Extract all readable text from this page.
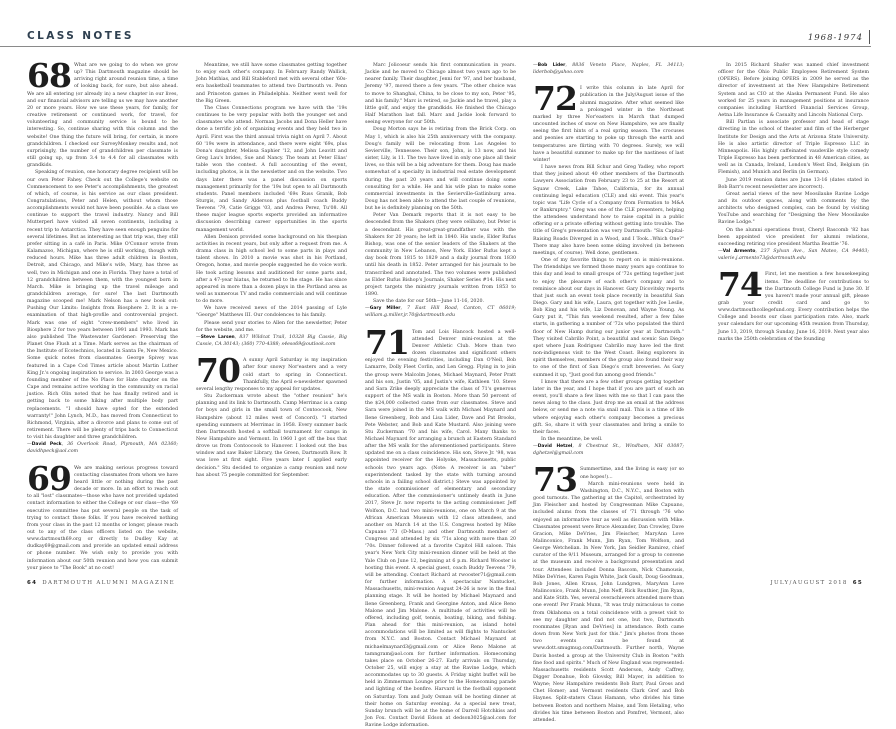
CLASS NOTES	1968-1974
68 What are we going to do when we grow up? This Dartmouth magazine should be arriving right around reunion time, a time of looking back, for sure, but also ahead. We are all entering (or already in) a new chapter in our lives, and our financial advisors are telling us we may have another 20 or more years. How we use these years, for family, for creative retirement or continued work, for travel, for volunteering and community service is bound to be interesting. So, continue sharing with this column and the website! One thing the future will bring, for certain, is more grandchildren. I checked our SurveyMonkey results and, not surprisingly, the number of grandchildren per classmate is still going up, up from 3.4 to 4.4 for all classmates with grandkids.

Speaking of reunion, one honorary degree recipient will be our own Peter Fahey. Check out the College's website on Commencement to see Peter's accomplishments, the greatest of which, of course, is his service as our class president. Congratulations, Peter and Helen, without whom those accomplishments would not have been possible. As a class we continue to support the travel industry. Nancy and Bill Mutterperl have visited all seven continents, including a recent trip to Antarctica. They have seen enough penguins for several lifetimes. But as interesting as that trip was, they still prefer sitting in a café in Paris. Mike O'Connor wrote from Kalamazoo, Michigan, where he is still working, though with reduced hours. Mike has three adult children in Boston, Detroit, and Chicago, and Mike's wife, Mary, has three as well, two in Michigan and one in Florida. They have a total of 12 grandchildren between them, with the youngest born in March. Mike is bringing up the travel mileage and grandchildren average, for sure! The last Dartmouth magazine scooped me! Mark Nelson has a new book out: Pushing Our Limits: Insights from Biosphere 2. It is a re-examination of that high-profile and controversial project. Mark was one of eight "crew-members" who lived in Biosphere 2 for two years between 1991 and 1993. Mark has also published The Wastewater Gardener: Preserving the Planet One Flush at a Time. Mark serves as the chairman of the Institute of Ecotechnics, located in Santa Fe, New Mexico. Some quick notes from classmates: George Spivey was featured in a Cape Cod Times article about Martin Luther King Jr.'s ongoing inspiration to service. In 2003 George was a founding member of the No Place for Hate chapter on the Cape and remains active working in the community on racial justice. Rich Olin noted that he has finally retired and is getting back to some hiking after multiple body part replacements. "I should have opted for the extended warranty!" John Lynch, M.D., has moved from Connecticut to Richmond, Virginia, after a divorce and plans to come out of retirement. There will be plenty of trips back to Connecticut to visit his daughter and three grandchildren.

—David Peck, 36 Overlook Road, Plymouth, MA 02360; davidhpeck@aol.com

69 We are making serious progress toward contacting classmates from whom we have heard little or nothing during the past decade or more. In an effort to reach out to all "lost" classmates—those who have not provided updated contact information to either the College or our class—the '69 executive committee has put several people on the task of trying to contact those folks. If you have received nothing from your class in the past 12 months or longer, please reach out to any of the class officers listed on the website, www.dartmouth69.org or directly to Dudley Kay at dudkay69@gmail.com and provide an updated email address or phone number. We wish only to provide you with information about our 50th reunion and how you can submit your piece to "The Book" at no cost!

Meantime, we still have some classmates getting together to enjoy each other's company. In February Randy Wallick, John Mathias, and Bill Stableford met with several other '60s-era basketball teammates to attend two Dartmouth vs. Penn and Princeton games in Philadelphia. Neither went well for the Big Green.

The Class Connections program we have with the '19s continues to be very popular with both the younger set and classmates who attend. Norman Jacobs and Dona Heller have done a terrific job of organizing events and they held two in April. First was the third annual trivia night on April 7. About 60 '19s were in attendance, and there were eight '69s, plus Dona's daughter, Melissa Saphier '12, and John Leavitt and Greg Lau's brides, Sue and Nancy. The team at Peter Elias' table won the contest. A full accounting of the event, including photos, is in the newsletter and on the website. Two days later there was a panel discussion on sports management primarily for the '19s but open to all Dartmouth students. Panel members included '69s Russ Granik, Bob Sturgis, and Sandy Alderson plus football coach Buddy Teevens '79, Catie Griggs '03, and Andrea Perez, Tu'08. All these major league sports experts provided an informative discussion describing career opportunities in the sports management world.

Allen Denison provided some background on his thespian activities in recent years, but only after a request from me. A drama class in high school led to some parts in plays and talent shows. In 2010 a movie was shot in his Portland, Oregon, home, and movie people suggested he do voice work. He took acting lessons and auditioned for some parts and, after a 47-year hiatus, he returned to the stage. He has since appeared in more than a dozen plays in the Portland area as well as numerous TV and radio commercials and will continue to do more.

We have received news of the 2014 passing of Lyle "George" Matthews III. Our condolences to his family.

Please send your stories to Allen for the newsletter, Peter for the website, and me.

—Steve Larsen, 837 Wildcat Trail, 10328 Big Cassie, Big Cassie, CA 30143; (360) 770-4388; s4eso69@outlook.com

70 A sunny April Saturday is my inspiration after four snowy Nor'easters and a very cold start to spring in Connecticut. Thankfully, the April e-newsletter spawned several lengthy responses to my appeal for updates.

Stu Zuckerman wrote about the "other reunion" he's planning and its link to Dartmouth. Camp Merrimac is a camp for boys and girls in the small town of Contoocook, New Hampshire (about 12 miles west of Concord). "I started spending summers at Merrimac in 1958. Every summer back then Dartmouth hosted a softball tournament for camps in New Hampshire and Vermont. In 1960 I got off the bus that drove us from Contoocook to Hanover. I looked out the bus window and saw Baker Library, the Green, Dartmouth Row. It was love at first sight. Five years later I applied early decision." Stu decided to organize a camp reunion and now has about 75 people committed for September.

Marc Jolicoeur sends his first communication in years. Jackie and he moved to Chicago almost two years ago to be nearer family. Their daughter, Jenni for '97, and her husband, Jeremy '97, moved there a few years. "The other choice was to move to Shanghai, China, to be close to my son, Peter '95, and his family." Marc is retired, so Jackie and he travel, play a little golf, and enjoy the grandkids. He finished the Chicago Half Marathon last fall. Marc and Jackie look forward to seeing everyone for our 50th.

Doug Morton says he is retiring from the Brick Corp. on May 1, which is also his 25th anniversary with the company. Doug's family will be relocating from Los Angeles to Sevierville, Tennessee. Their son, John, is 13 now, and his sister, Lily, is 11. The two have lived in only one place all their lives, so this will be a big adventure for them. Doug has made somewhat of a specialty in industrial real estate development during the past 20 years and will continue doing some consulting for a while. He and his wife plan to make some commercial investments in the Sevierville-Gatlinburg area. Doug has not been able to attend the last couple of reunions, but he is definitely planning on the 50th.

Peter Van Demark reports that it is not easy to be descended from the Shakers (they were celibate), but Peter is a descendant. His great-great-grandfather was with the Shakers for 20 years; he left in 1840. His uncle, Elder Rufus Bishop, was one of the senior leaders of the Shakers at the community in New Lebanon, New York. Elder Rufus kept a day book from 1815 to 1829 and a daily journal from 1830 until his death in 1852. Peter arranged for his journals to be transcribed and annotated. The two volumes were published as Elder Rufus Bishop's Journals, Shaker Series #14. His next project targets the ministry journals written from 1853 to 1890.

Save the date for our 50th—June 11-16, 2020.

—Gary Miller, 7 East Hill Road, Canton, CT 06019; william.g.miller.jr.70@dartmouth.edu

71 Tom and Lois Hancock hosted a well-attended Denver mini-reunion at the Denver Athletic Club. More than two dozen classmates and significant others enjoyed the evening festivities, including Dan O'Neil, Bob Lamarre, Dolly Fleet Corlin, and Len Gregg. Flying in to join the group were Malcolm Jones, Michael Maynard, Peter Pratt and his son, Justin '05, and Justin's wife, Kathleen '10. Steve and Sara Zrike deeply appreciate the class of 71's generous support of the MS walk in Boston. More than 50 percent of the $24,000 collected came from our classmates. Steve and Sara were joined in the MS walk with Michael Maynard and Ilene Greenberg, Bob and Lisa Lider, Dave and Pat Brooks, Pete Webster, and Bob and Kate Mustard. Also joining were Stu Zuckerman '70 and his wife, Carol. Many thanks to Michael Maynard for arranging a brunch at Eastern Standard after the MS walk for the aforementioned participants. Steve updated me on a class coincidence. His son, Steve Jr. '98, was appointed receiver for the Holyoke, Massachusetts, public schools two years ago. (Note: A receiver is an "uber" superintendent tasked by the state with turning around schools in a failing school district.) Steve was appointed by the state commissioner of elementary and secondary education. After the commissioner's untimely death in June 2017, Steve Jr. now reports to the acting commissioner. Jeff Wolfson, D.C. had two mini-reunions, one on March 9 at the African American Museum with 12 class attendees, and another on March 14 at the U.S. Congress hosted by Mike Capuano '73 (D-Mass.) and other Dartmouth member of Congress and attended by six '71s along with more than 20 '70s. Dinner followed at a favorite Capitol Hill saloon. This year's New York City mini-reunion dinner will be held at the Yale Club on June 12, beginning at 6 p.m. Richard Wooster is hosting this event. A special guest, coach Buddy Teevens '79, will be attending. Contact Richard at rwooster71@gmail.com for further information. A spectacular Nantucket, Massachusetts, mini-reunion August 24-26 is now in the final planning stage. It will be hosted by Michael Maynard and Ilene Greenberg, Frank and Georgine Anton, and Alice Reno Malone and Jim Malone. A multitude of activities will be offered, including golf, tennis, boating, biking, and fishing. Plan ahead for this mini-reunion, as island hotel accommodations will be limited as will flights to Nantucket from N.Y.C. and Boston. Contact Michael Maynard at michaelmaynard3@gmail.com or Alice Reno Malone at tamngram@aol.com for further information. Homecoming takes place on October 26-27. Early arrivals on Thursday, October 25, will enjoy a stay at the Ravine Lodge, which accommodates up to 30 guests. A Friday night buffet will be held in Zimmerman Lounge prior to the Homecoming parade and lighting of the bonfire. Harvard is the football opponent on Saturday. Tom and Judy Osman will be hosting dinner at their home on Saturday evening. As a special new treat, Sunday brunch will be at the home of Darrell Hotchkiss and Jon Fox. Contact David Edson at dedson3025@aol.com for Ravine Lodge information.

—Bob Lider, 8836 Veneto Place, Naples, FL 34113; liderbob@yahoo.com

72 I write this column in late April for publication in the July/August issue of the alumni magazine. After what seemed like a prolonged winter in the Northeast marked by three Nor'easters in March that dumped uncounted inches of snow on New Hampshire, we are finally seeing the first hints of a real spring season. The crocuses and peonies are starting to poke up through the earth and temperatures are flirting with 70 degrees. Surely, we will have a beautiful summer to make up for the nastiness of last winter!

I have news from Bill Schur and Greg Yadley, who report that they joined about 40 other members of the Dartmouth Lawyers Association from February 23 to 25 at the Resort at Squaw Creek, Lake Tahoe, California, for its annual continuing legal education (CLE) and ski event. This year's topic was "Life Cycle of a Company from Formation to M&A or Bankruptcy." Greg was one of the CLE presenters, helping the attendees understand how to raise capital in a public offering or a private offering without getting into trouble. The title of Greg's presentation was very Dartmouth: "Six Capital-Raising Roads Diverged in a Wood, and I Took...Which One?" There may also have been some skiing involved (in between meetings, of course). Well done, gentlemen.

One of my favorite things to report on is mini-reunions. The friendships we formed those many years ago continue to this day and lead to small groups of '72s getting together just to enjoy the pleasure of each other's company and to reminisce about our days in Hanover. Gary Dicovitsky reports that just such an event took place recently in beautiful San Diego. Gary and his wife, Laura, got together with Joe Leslie, Bob King and his wife, Liz Donovan, and Wayne Young. As Gary put it, "This fun weekend resulted, after a few false starts, in gathering a number of '72s who populated the third floor of New Hamp during our junior year at Dartmouth." They visited Cabrillo Point, a beautiful and scenic San Diego spot where Juan Rodriguez Cabrillo may have led the first non-indigenous visit to the West Coast. Being explorers in spirit themselves, members of the group also found their way to one of the first of San Diego's craft breweries. As Gary summed it up, "Just good fun among good friends."

I know that there are a few other groups getting together later in the year, and I hope that if you are part of such an event, you'll share a few lines with me so that I can pass the news along to the class. Just drop me an email at the address below, or send me a note via snail mail. This is a time of life where enjoying each other's company becomes a precious gift. So, share it with your classmates and bring a smile to their faces.

In the meantime, be well.

—David Hetzel, 8 Chestnut St., Windham, NH 03087; dghetzel@gmail.com

73 Summertime, and the living is easy (or so one hopes!)...

March mini-reunions were held in Washington, D.C., N.Y.C., and Boston with good turnouts. The gathering at the Capitol, orchestrated by Jim Fleischer and hosted by Congressman Mike Capuano, included alums from the classes of '71 through '76 who enjoyed an informative tour as well as discussion with Mike. Classmates present were Bruce Alexander, Dan Crowley, Dave Gracion, Mike DeVries, Jim Fleischer, MaryAnn Love Malinconico, Frank Munn, Jim Ryan, Tom Wolfson, and George Wetchelian. In New York, Jan Seidler Ramirez, chief curator of the 9/11 Museum, arranged for a group to convene at the museum and receive a background presentation and tour. Attendees included Donna Bascom, Nick Chamousis, Mike DeVries, Karen Fagin White, Jack Gault, Doug Goodman, Bob Jones, Allen Kraus, John Lundgren, MaryAnn Love Malinconico, Frank Munn, John Neff, Rick Routhier, Jim Ryan, and Kate Stith. Yes, several overachievers attended more than one event! Per Frank Munn, "It was truly miraculous to come from Oklahoma on a total coincidence with a preset visit to see my daughter and find not one, but two, Dartmouth roommates [Ryan and DeVries] in attendance. Both came down from New York just for this." Jim's photos from those two events can be found at www.dott.smugmug.com/Dartmouth. Further north, Wayne Davis hosted a group at the University Club in Boston "with fine food and spirits." Much of New England was represented: Massachusetts residents Scott Anderson, Andy Caffrey, Digger Donahue, Bob Glovsky, Bill Mayer, in addition to Wayne; New Hampshire residents Bob Barr, Paul Gross and Chet Homer; and Vermont residents Clark Gref and Bob Haynes. Split-staters Claus Hamann, who divides his time between Boston and northern Maine, and Tom Hetaling, who divides his time between Boston and Pomfret, Vermont, also attended.

In 2015 Richard Shafer was named chief investment officer for the Ohio Public Employees Retirement System (OPERS). Before joining OPERS in 2009 he served as the director of investment at the New Hampshire Retirement System and as CIO at the Alaska Permanent Fund. He also worked for 25 years in management positions at insurance companies including Hartford Financial Services Group, Aetna Life Insurance & Casualty and Lincoln National Corp.

Bill Partlan is associate professor and head of stage directing in the school of theater and film of the Herberger Institute for Design and the Arts at Arizona State University. He is also artistic director of Triple Espresso LLC in Minneapolis. His highly caffeinated vaudeville style comedy Triple Espresso has been performed in 48 American cities, as well as in Canada, Ireland, London's West End, Belgium (in Flemish), and Munich and Berlin (in German).

June 2019 reunion dates are June 13-16 (dates stated in Bob Barr's recent newsletter are incorrect).

Great aerial views of the new Moosilauke Ravine Lodge and its outdoor spaces, along with comments by the architects who designed complex, can be found by visiting YouTube and searching for "Designing the New Moosilauke Ravine Lodge."

On the alumni operations front, Cheryl Bascomb '82 has been appointed vice president for alumni relations, succeeding retiring vice president Martha Beattie '76.

—Val Armento, 237 Sylvan Ave., San Mateo, CA 94403; valerie.j.armento73@dartmouth.edu

74 First, let me mention a few housekeeping items. The deadline for contributions to the Dartmouth College Fund is June 30. If you haven't made your annual gift, please grab your credit card and go to www.dartmouthcollegefund.org. Every contribution helps the College and boosts our class participation rate. Also, mark your calendars for our upcoming 45th reunion from Thursday, June 13, 2019, through Sunday, June 16, 2019. Next year also marks the 250th celebration of the founding

64 DARTMOUTH ALUMNI MAGAZINE	JULY/AUGUST 2018 65
